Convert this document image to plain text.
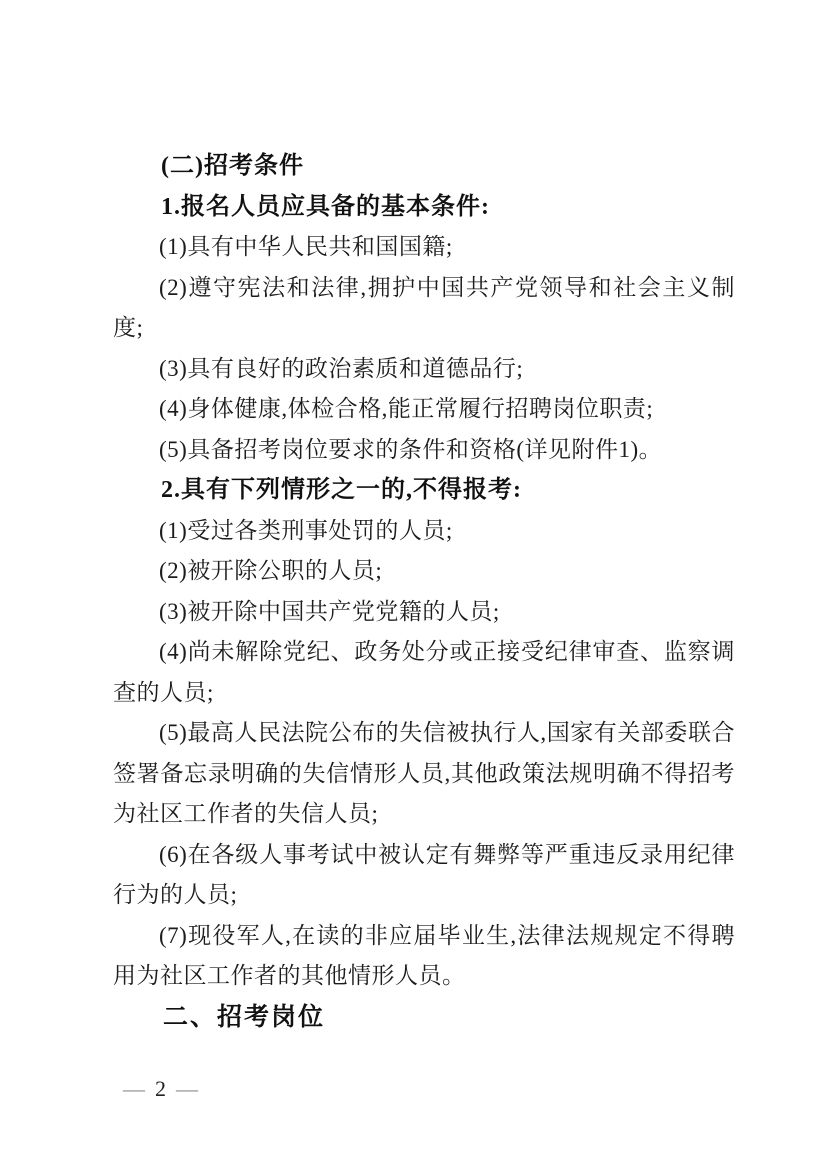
(二)招考条件

1.报名人员应具备的基本条件:

(1)具有中华人民共和国国籍;

(2)遵守宪法和法律,拥护中国共产党领导和社会主义制度;

(3)具有良好的政治素质和道德品行;

(4)身体健康,体检合格,能正常履行招聘岗位职责;

(5)具备招考岗位要求的条件和资格(详见附件1)。

2.具有下列情形之一的,不得报考:

(1)受过各类刑事处罚的人员;

(2)被开除公职的人员;

(3)被开除中国共产党党籍的人员;

(4)尚未解除党纪、政务处分或正接受纪律审查、监察调查的人员;

(5)最高人民法院公布的失信被执行人,国家有关部委联合签署备忘录明确的失信情形人员,其他政策法规明确不得招考为社区工作者的失信人员;

(6)在各级人事考试中被认定有舞弊等严重违反录用纪律行为的人员;

(7)现役军人,在读的非应届毕业生,法律法规规定不得聘用为社区工作者的其他情形人员。

二、招考岗位

— 2 —
